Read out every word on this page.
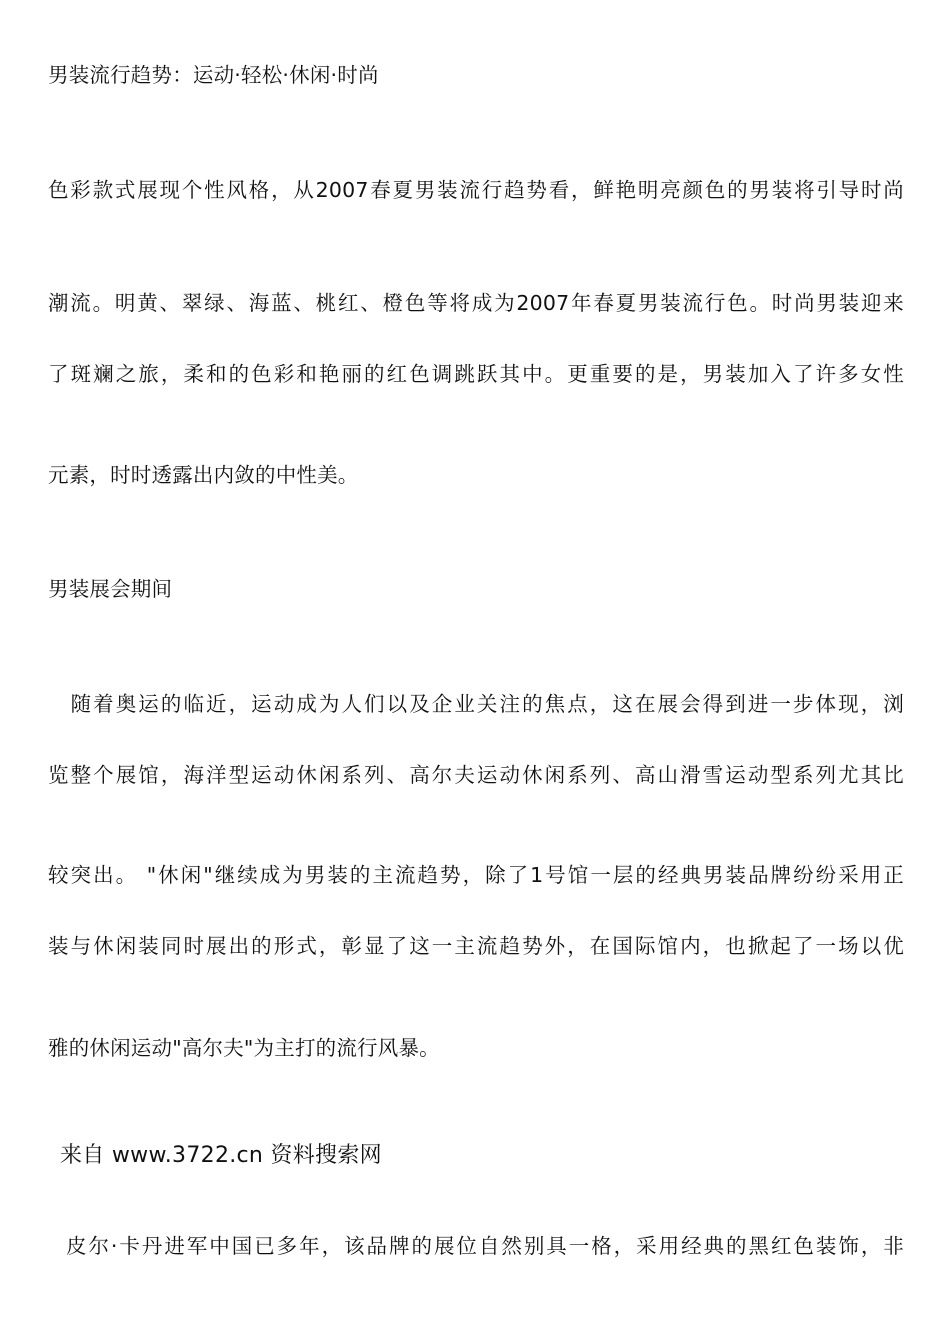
男装流行趋势：运动·轻松·休闲·时尚
色彩款式展现个性风格，从2007春夏男装流行趋势看，鲜艳明亮颜色的男装将引导时尚
潮流。明黄、翠绿、海蓝、桃红、橙色等将成为2007年春夏男装流行色。时尚男装迎来
了斑斓之旅，柔和的色彩和艳丽的红色调跳跃其中。更重要的是，男装加入了许多女性
元素，时时透露出内敛的中性美。
男装展会期间
　随着奥运的临近，运动成为人们以及企业关注的焦点，这在展会得到进一步体现，浏
览整个展馆，海洋型运动休闲系列、高尔夫运动休闲系列、高山滑雪运动型系列尤其比
较突出。 "休闲"继续成为男装的主流趋势，除了1号馆一层的经典男装品牌纷纷采用正
装与休闲装同时展出的形式，彰显了这一主流趋势外，在国际馆内，也掀起了一场以优
雅的休闲运动"高尔夫"为主打的流行风暴。
来自 www.3722.cn 资料搜索网
皮尔·卡丹进军中国已多年，该品牌的展位自然别具一格，采用经典的黑红色装饰，非
